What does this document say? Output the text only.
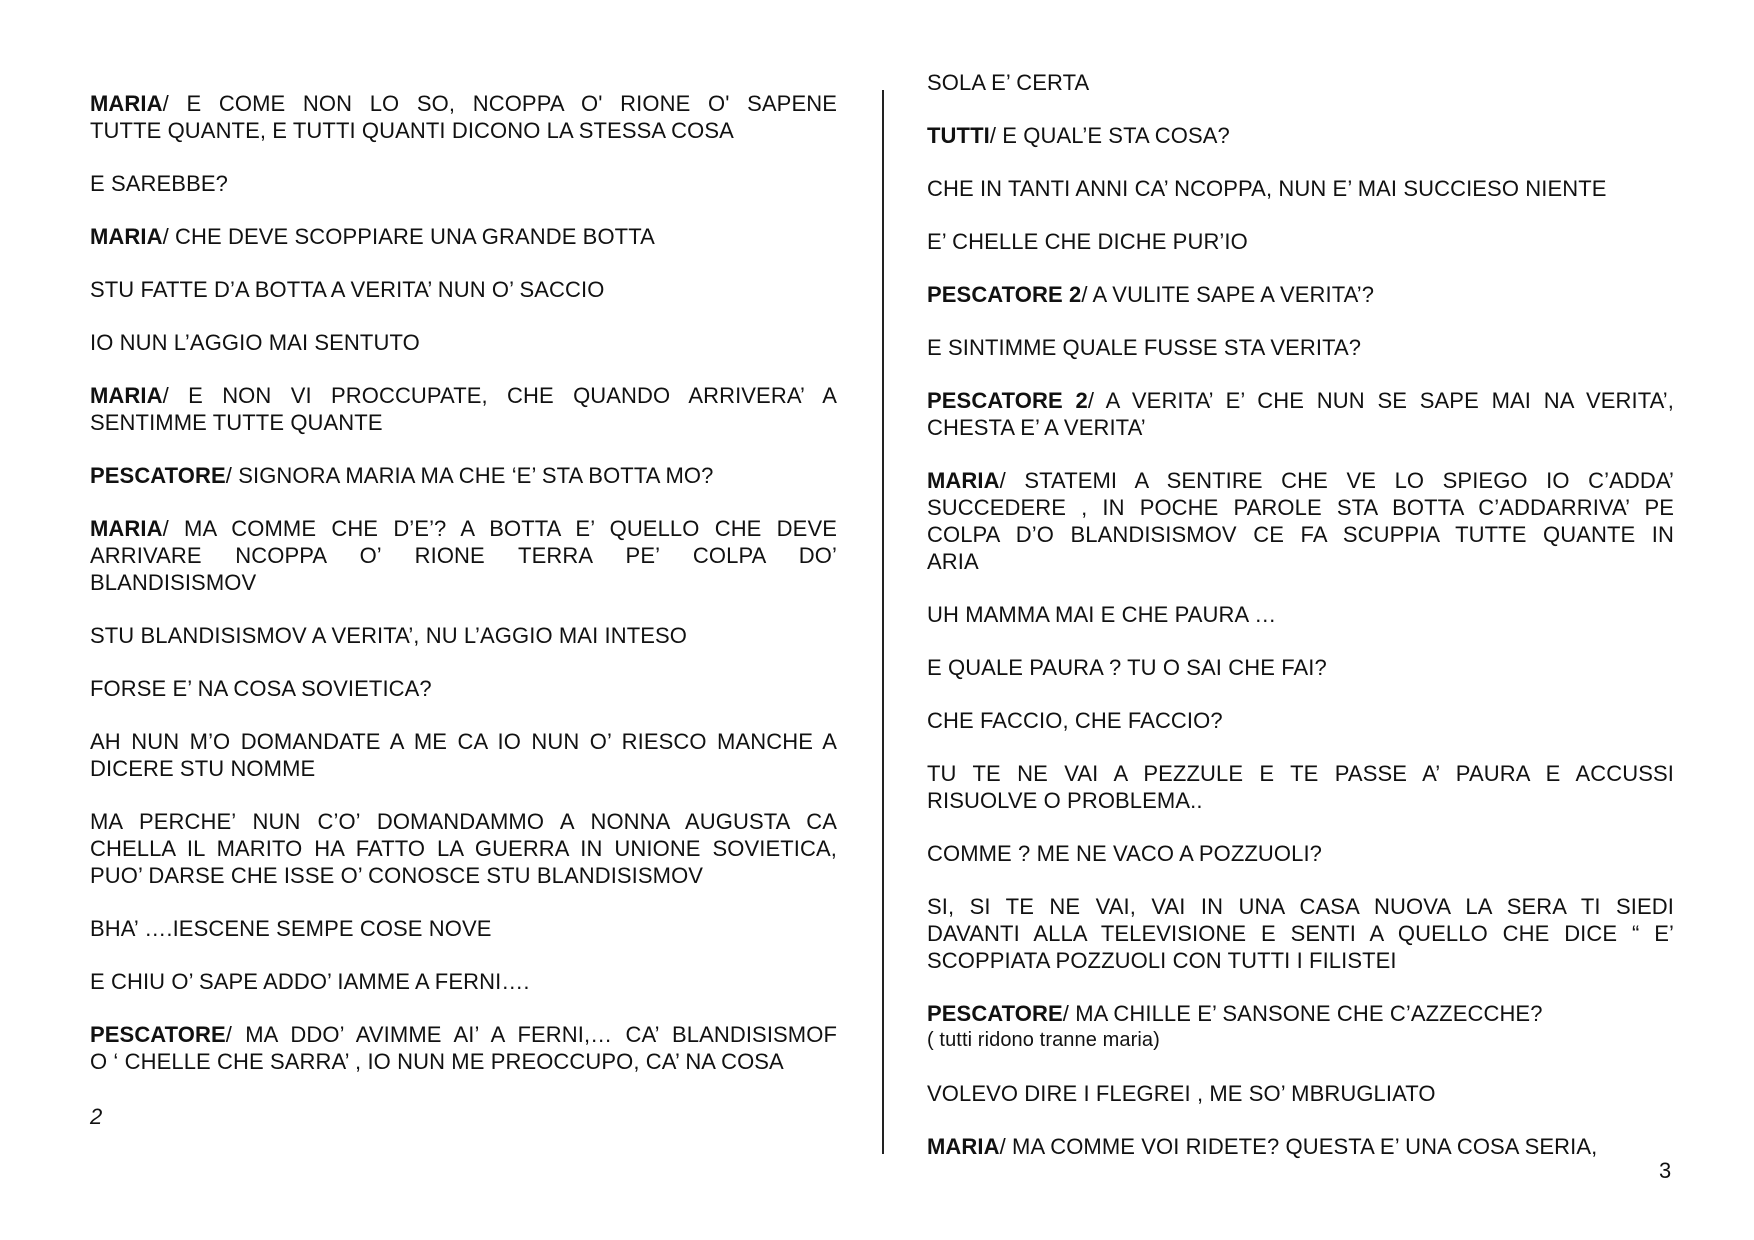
MARIA/ E COME NON LO SO, NCOPPA O' RIONE O' SAPENE
TUTTE QUANTE, E TUTTI QUANTI DICONO LA STESSA COSA
E SAREBBE?
MARIA/ CHE DEVE SCOPPIARE UNA GRANDE BOTTA
STU FATTE D’A BOTTA A VERITA’ NUN O’ SACCIO
IO NUN L’AGGIO MAI SENTUTO
MARIA/ E NON VI PROCCUPATE, CHE QUANDO ARRIVERA’ A
SENTIMME TUTTE QUANTE
PESCATORE/ SIGNORA MARIA MA CHE ‘E’ STA BOTTA MO?
MARIA/ MA COMME CHE D’E’? A BOTTA E’ QUELLO CHE DEVE
ARRIVARE NCOPPA O’ RIONE TERRA PE’ COLPA DO’
BLANDISISMOV
STU BLANDISISMOV A VERITA’, NU L’AGGIO MAI INTESO
FORSE E’ NA COSA SOVIETICA?
AH NUN M’O DOMANDATE A ME CA IO NUN O’ RIESCO MANCHE A
DICERE STU NOMME
MA PERCHE’ NUN C’O’ DOMANDAMMO A NONNA AUGUSTA CA
CHELLA IL MARITO HA FATTO LA GUERRA IN UNIONE SOVIETICA,
PUO’ DARSE CHE ISSE O’ CONOSCE STU BLANDISISMOV
BHA’ ….IESCENE SEMPE COSE NOVE
E CHIU O’ SAPE ADDO’ IAMME A FERNI….
PESCATORE/ MA DDO’ AVIMME AI’ A FERNI,… CA’ BLANDISISMOF
O ‘ CHELLE CHE SARRA’ , IO NUN ME PREOCCUPO, CA’ NA COSA
SOLA E’ CERTA
TUTTI/ E QUAL’E STA COSA?
CHE IN TANTI ANNI CA’ NCOPPA, NUN E’ MAI SUCCIESO NIENTE
E’ CHELLE CHE DICHE PUR’IO
PESCATORE 2/ A VULITE SAPE A VERITA’?
E SINTIMME QUALE FUSSE STA VERITA?
PESCATORE 2/ A VERITA’ E’ CHE NUN SE SAPE MAI NA VERITA’,
CHESTA E’ A VERITA’
MARIA/ STATEMI A SENTIRE CHE VE LO SPIEGO IO C’ADDA’
SUCCEDERE , IN POCHE PAROLE STA BOTTA C’ADDARRIVA’ PE
COLPA D’O BLANDISISMOV CE FA SCUPPIA TUTTE QUANTE IN
ARIA
UH MAMMA MAI E CHE PAURA …
E QUALE PAURA ? TU O SAI CHE FAI?
CHE FACCIO, CHE FACCIO?
TU TE NE VAI A PEZZULE E TE PASSE A’ PAURA E ACCUSSI
RISUOLVE O PROBLEMA..
COMME ? ME NE VACO A POZZUOLI?
SI, SI TE NE VAI, VAI IN UNA CASA NUOVA LA SERA TI SIEDI
DAVANTI ALLA TELEVISIONE E SENTI A QUELLO CHE DICE “ E’
SCOPPIATA POZZUOLI CON TUTTI I FILISTEI
PESCATORE/ MA CHILLE E’ SANSONE CHE C’AZZECCHE?
( tutti ridono tranne maria)
VOLEVO DIRE I FLEGREI , ME SO’ MBRUGLIATO
MARIA/ MA COMME VOI RIDETE? QUESTA E’ UNA COSA SERIA,
2
3
